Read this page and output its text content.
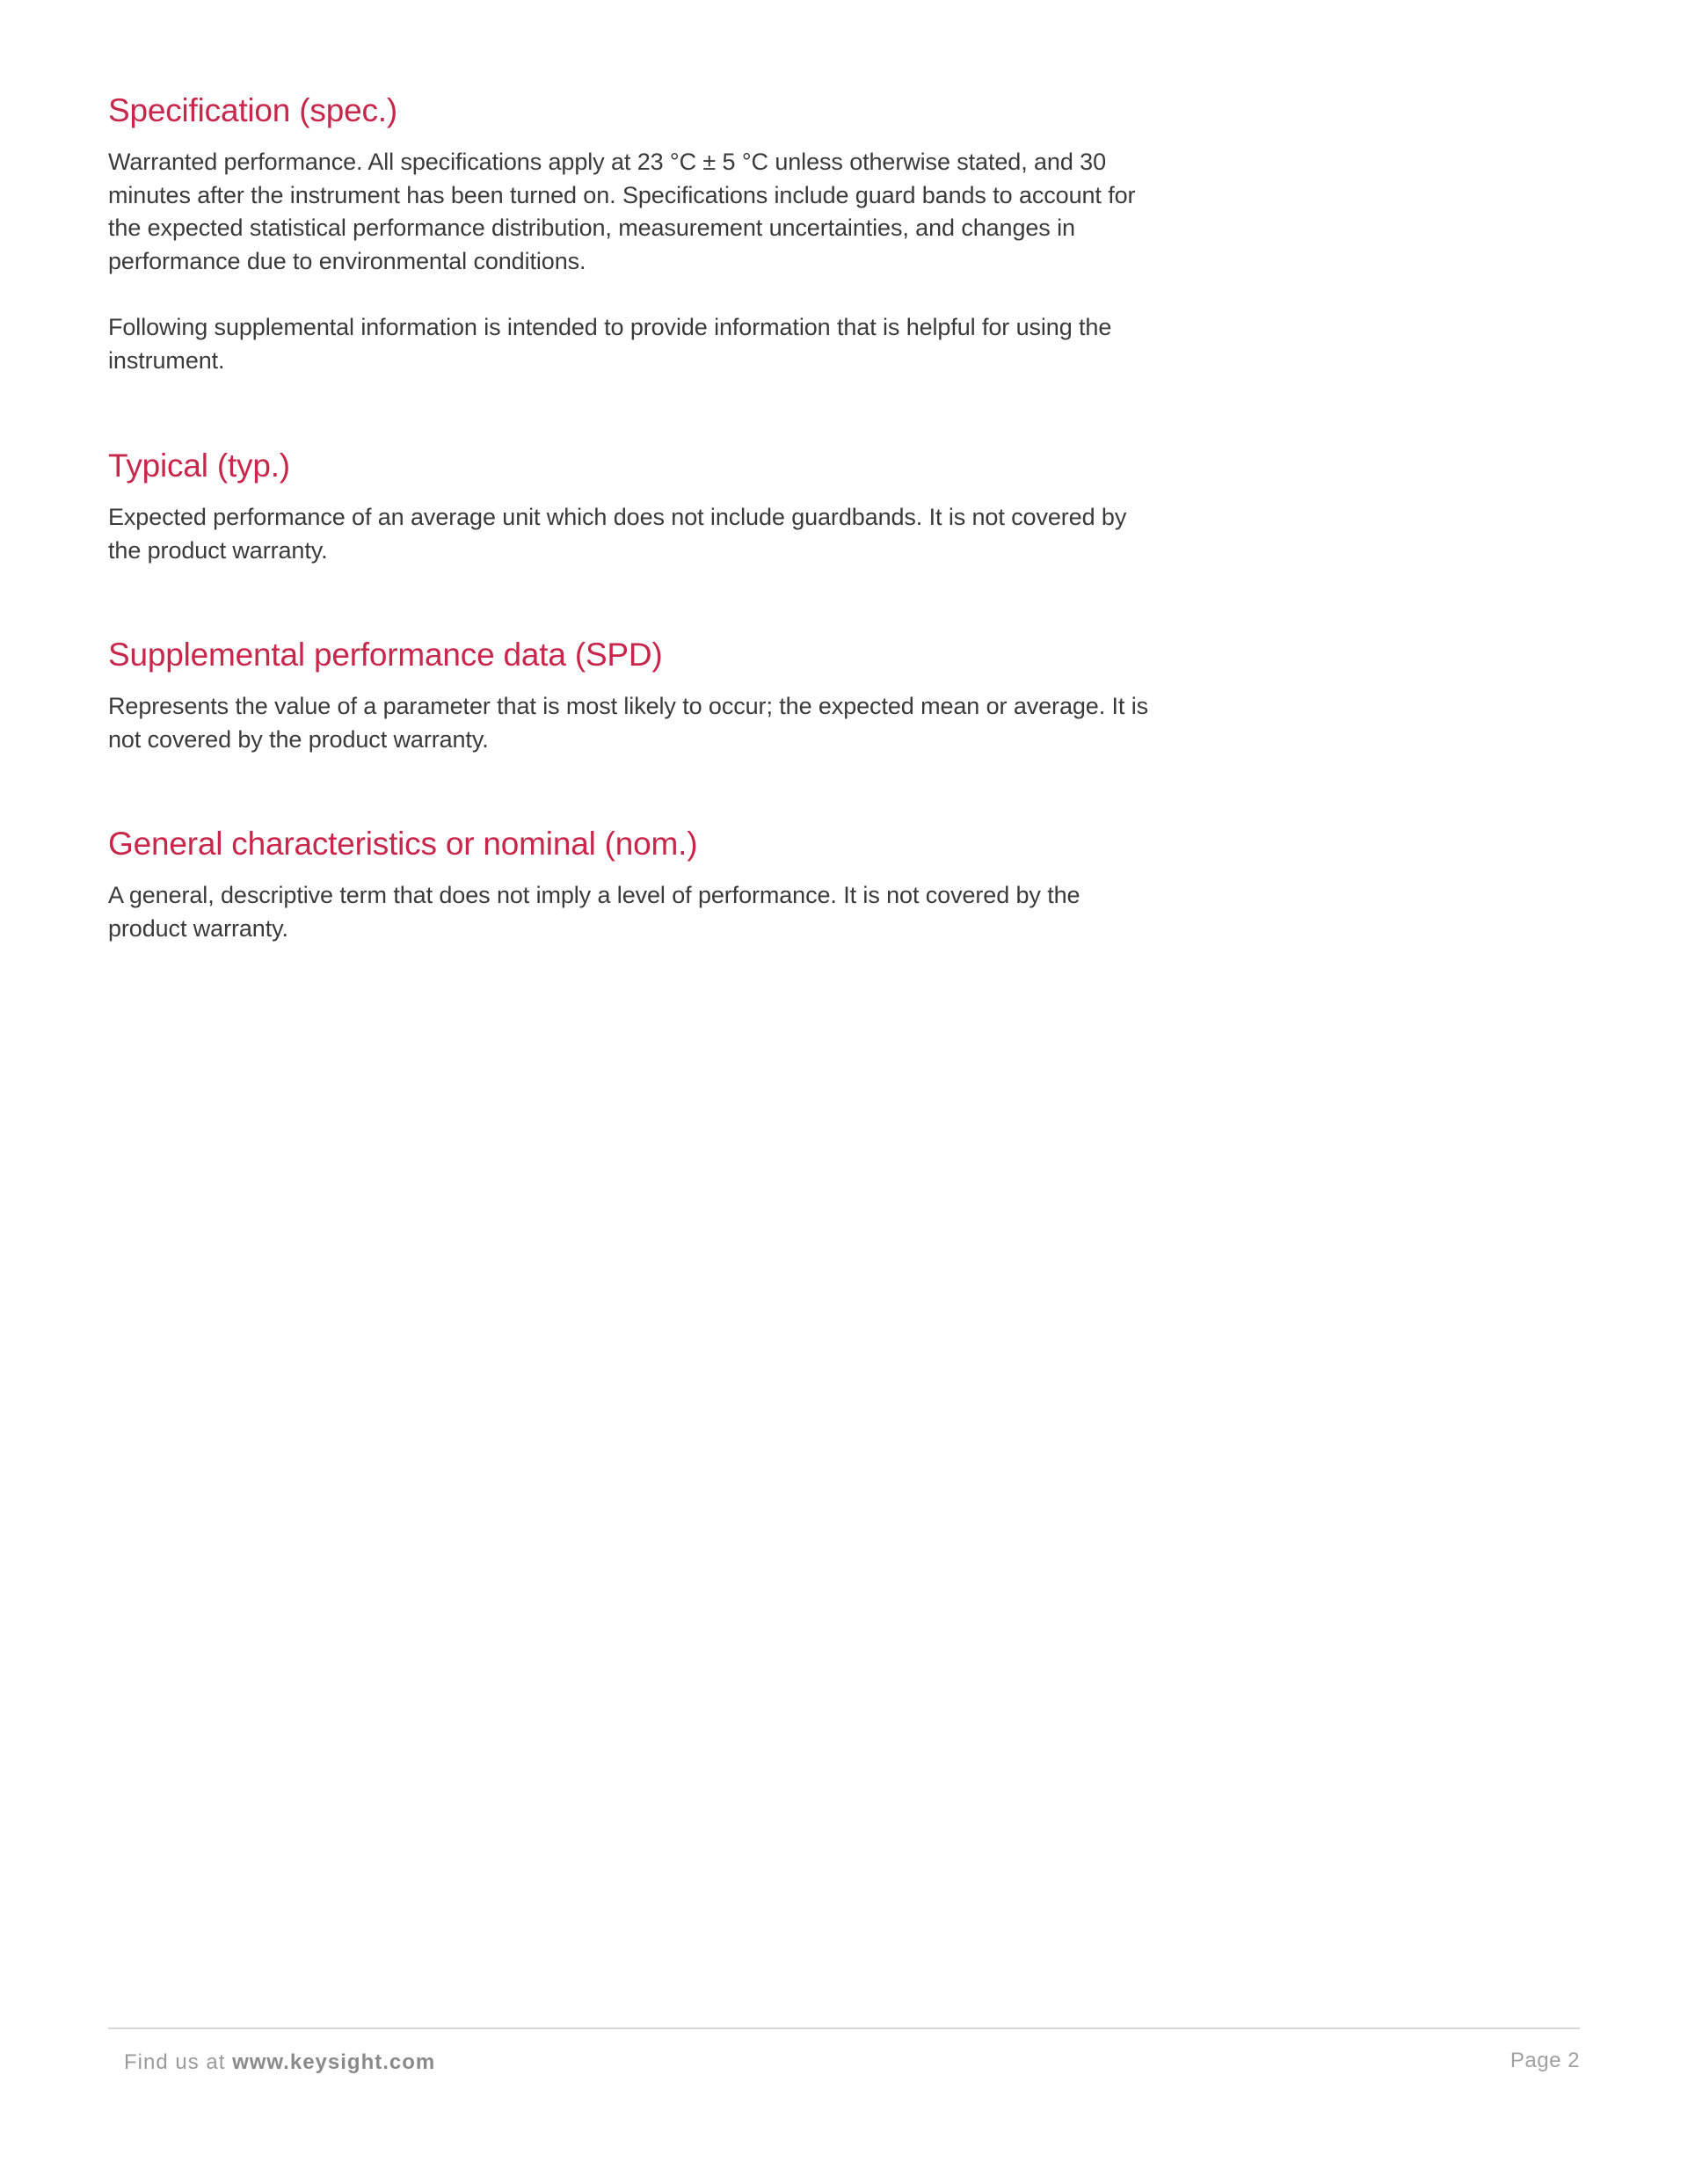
Specification (spec.)

Warranted performance. All specifications apply at 23 °C ± 5 °C unless otherwise stated, and 30 minutes after the instrument has been turned on. Specifications include guard bands to account for the expected statistical performance distribution, measurement uncertainties, and changes in performance due to environmental conditions.

Following supplemental information is intended to provide information that is helpful for using the instrument.

Typical (typ.)

Expected performance of an average unit which does not include guardbands. It is not covered by the product warranty.

Supplemental performance data (SPD)

Represents the value of a parameter that is most likely to occur; the expected mean or average. It is not covered by the product warranty.

General characteristics or nominal (nom.)

A general, descriptive term that does not imply a level of performance. It is not covered by the product warranty.

Find us at www.keysight.com	Page 2
